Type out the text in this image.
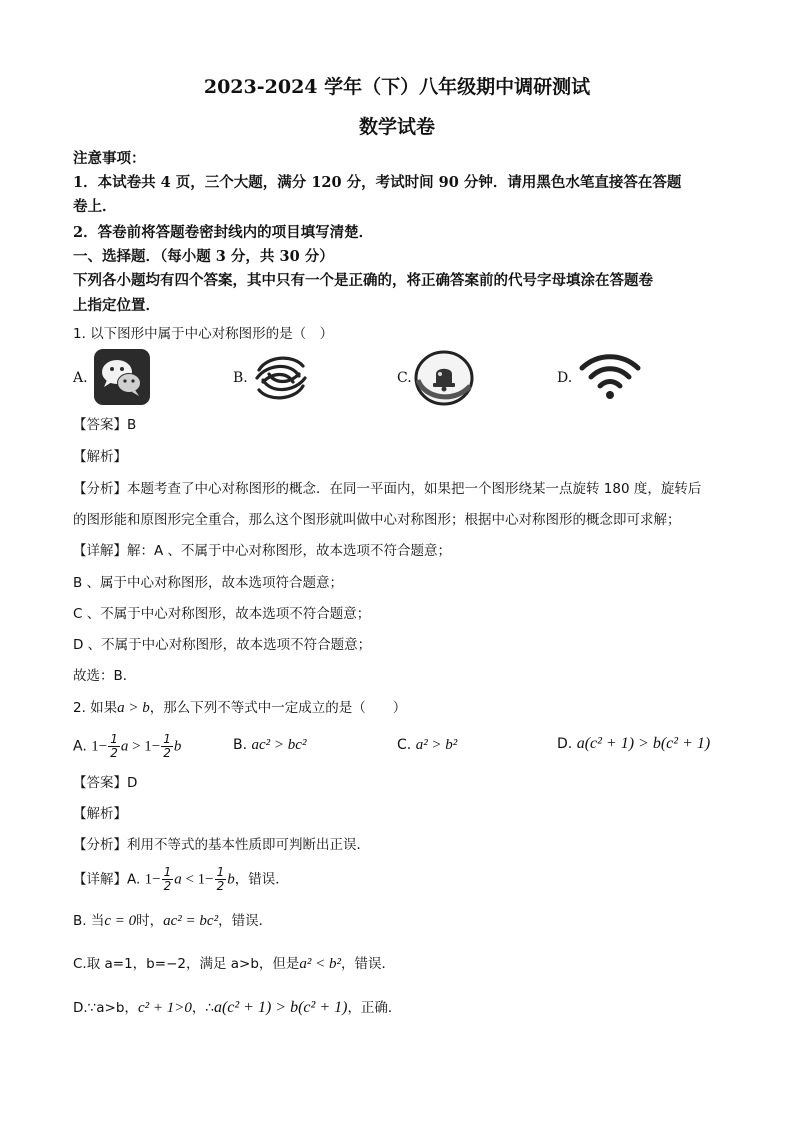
2023-2024 学年（下）八年级期中调研测试
数学试卷
注意事项：
1．本试卷共 4 页，三个大题，满分 120 分，考试时间 90 分钟．请用黑色水笔直接答在答题
卷上．
2．答卷前将答题卷密封线内的项目填写清楚．
一、选择题．（每小题 3 分，共 30 分）
下列各小题均有四个答案，其中只有一个是正确的，将正确答案前的代号字母填涂在答题卷
上指定位置．
1. 以下图形中属于中心对称图形的是（　）
A.	B.	C.	D.
【答案】B
【解析】
【分析】本题考查了中心对称图形的概念．在同一平面内，如果把一个图形绕某一点旋转 180 度，旋转后
的图形能和原图形完全重合，那么这个图形就叫做中心对称图形；根据中心对称图形的概念即可求解；
【详解】解：A 、不属于中心对称图形，故本选项不符合题意；
B 、属于中心对称图形，故本选项符合题意；
C 、不属于中心对称图形，故本选项不符合题意；
D 、不属于中心对称图形，故本选项不符合题意；
故选：B．
2. 如果a > b，那么下列不等式中一定成立的是（　　）
A. $1- \frac{1}{2}$ $a > 1- \frac{1}{2}$ b	B. ac² > bc²	C. a² > b²	D. a(c² + 1) > b(c² + 1)
【答案】D
【解析】
【分析】利用不等式的基本性质即可判断出正误．
【详解】A. $1- \frac{1}{2}$ $a < 1- \frac{1}{2}$ b，错误．
B. 当c = 0时，ac² = bc²，错误．
C.取 a=1，b=−2，满足 a>b，但是a² < b²，错误．
D.∵a>b，c² + 1>0，∴a(c² + 1) > b(c² + 1)，正确．
